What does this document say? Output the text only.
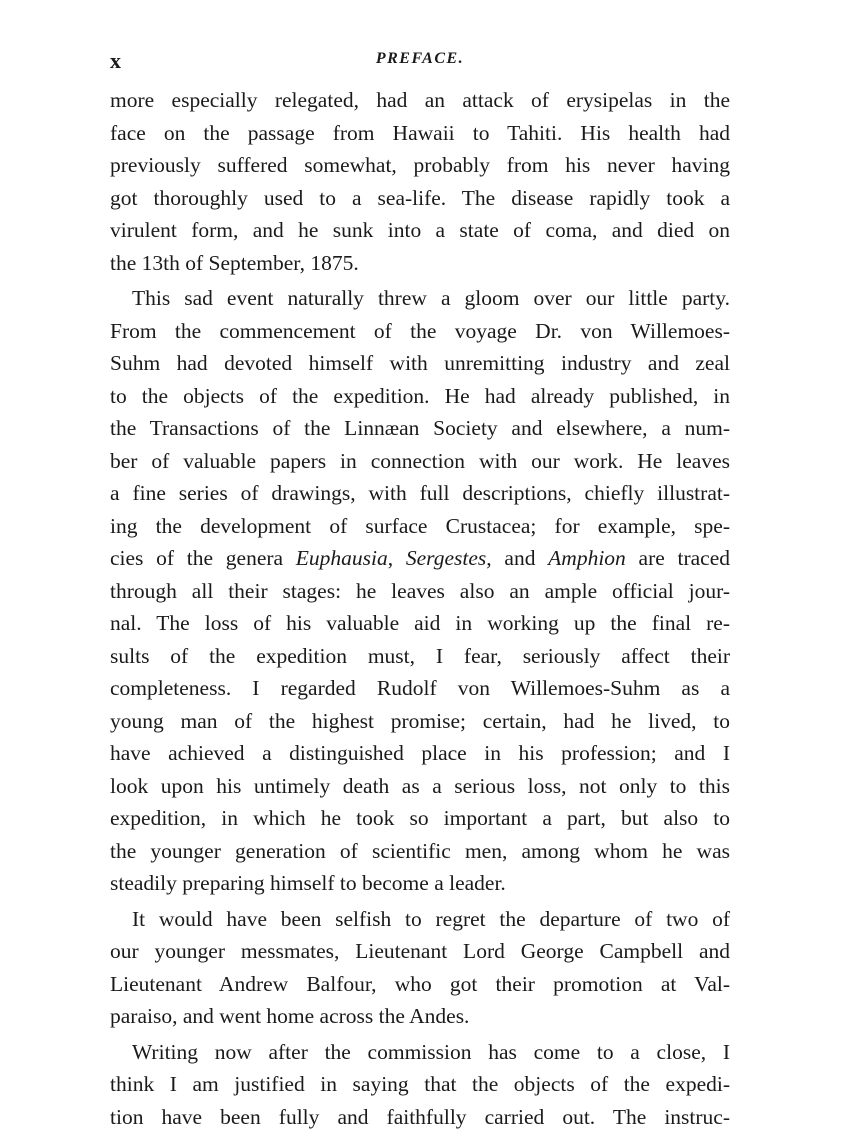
x	PREFACE.
more especially relegated, had an attack of erysipelas in the
face on the passage from Hawaii to Tahiti. His health had
previously suffered somewhat, probably from his never having
got thoroughly used to a sea-life. The disease rapidly took a
virulent form, and he sunk into a state of coma, and died on
the 13th of September, 1875.
This sad event naturally threw a gloom over our little party.
From the commencement of the voyage Dr. von Willemoes-
Suhm had devoted himself with unremitting industry and zeal
to the objects of the expedition. He had already published, in
the Transactions of the Linnæan Society and elsewhere, a num-
ber of valuable papers in connection with our work. He leaves
a fine series of drawings, with full descriptions, chiefly illustrat-
ing the development of surface Crustacea; for example, spe-
cies of the genera Euphausia, Sergestes, and Amphion are traced
through all their stages: he leaves also an ample official jour-
nal. The loss of his valuable aid in working up the final re-
sults of the expedition must, I fear, seriously affect their
completeness. I regarded Rudolf von Willemoes-Suhm as a
young man of the highest promise; certain, had he lived, to
have achieved a distinguished place in his profession; and I
look upon his untimely death as a serious loss, not only to this
expedition, in which he took so important a part, but also to
the younger generation of scientific men, among whom he was
steadily preparing himself to become a leader.
It would have been selfish to regret the departure of two of
our younger messmates, Lieutenant Lord George Campbell and
Lieutenant Andrew Balfour, who got their promotion at Val-
paraiso, and went home across the Andes.
Writing now after the commission has come to a close, I
think I am justified in saying that the objects of the expedi-
tion have been fully and faithfully carried out. The instruc-
